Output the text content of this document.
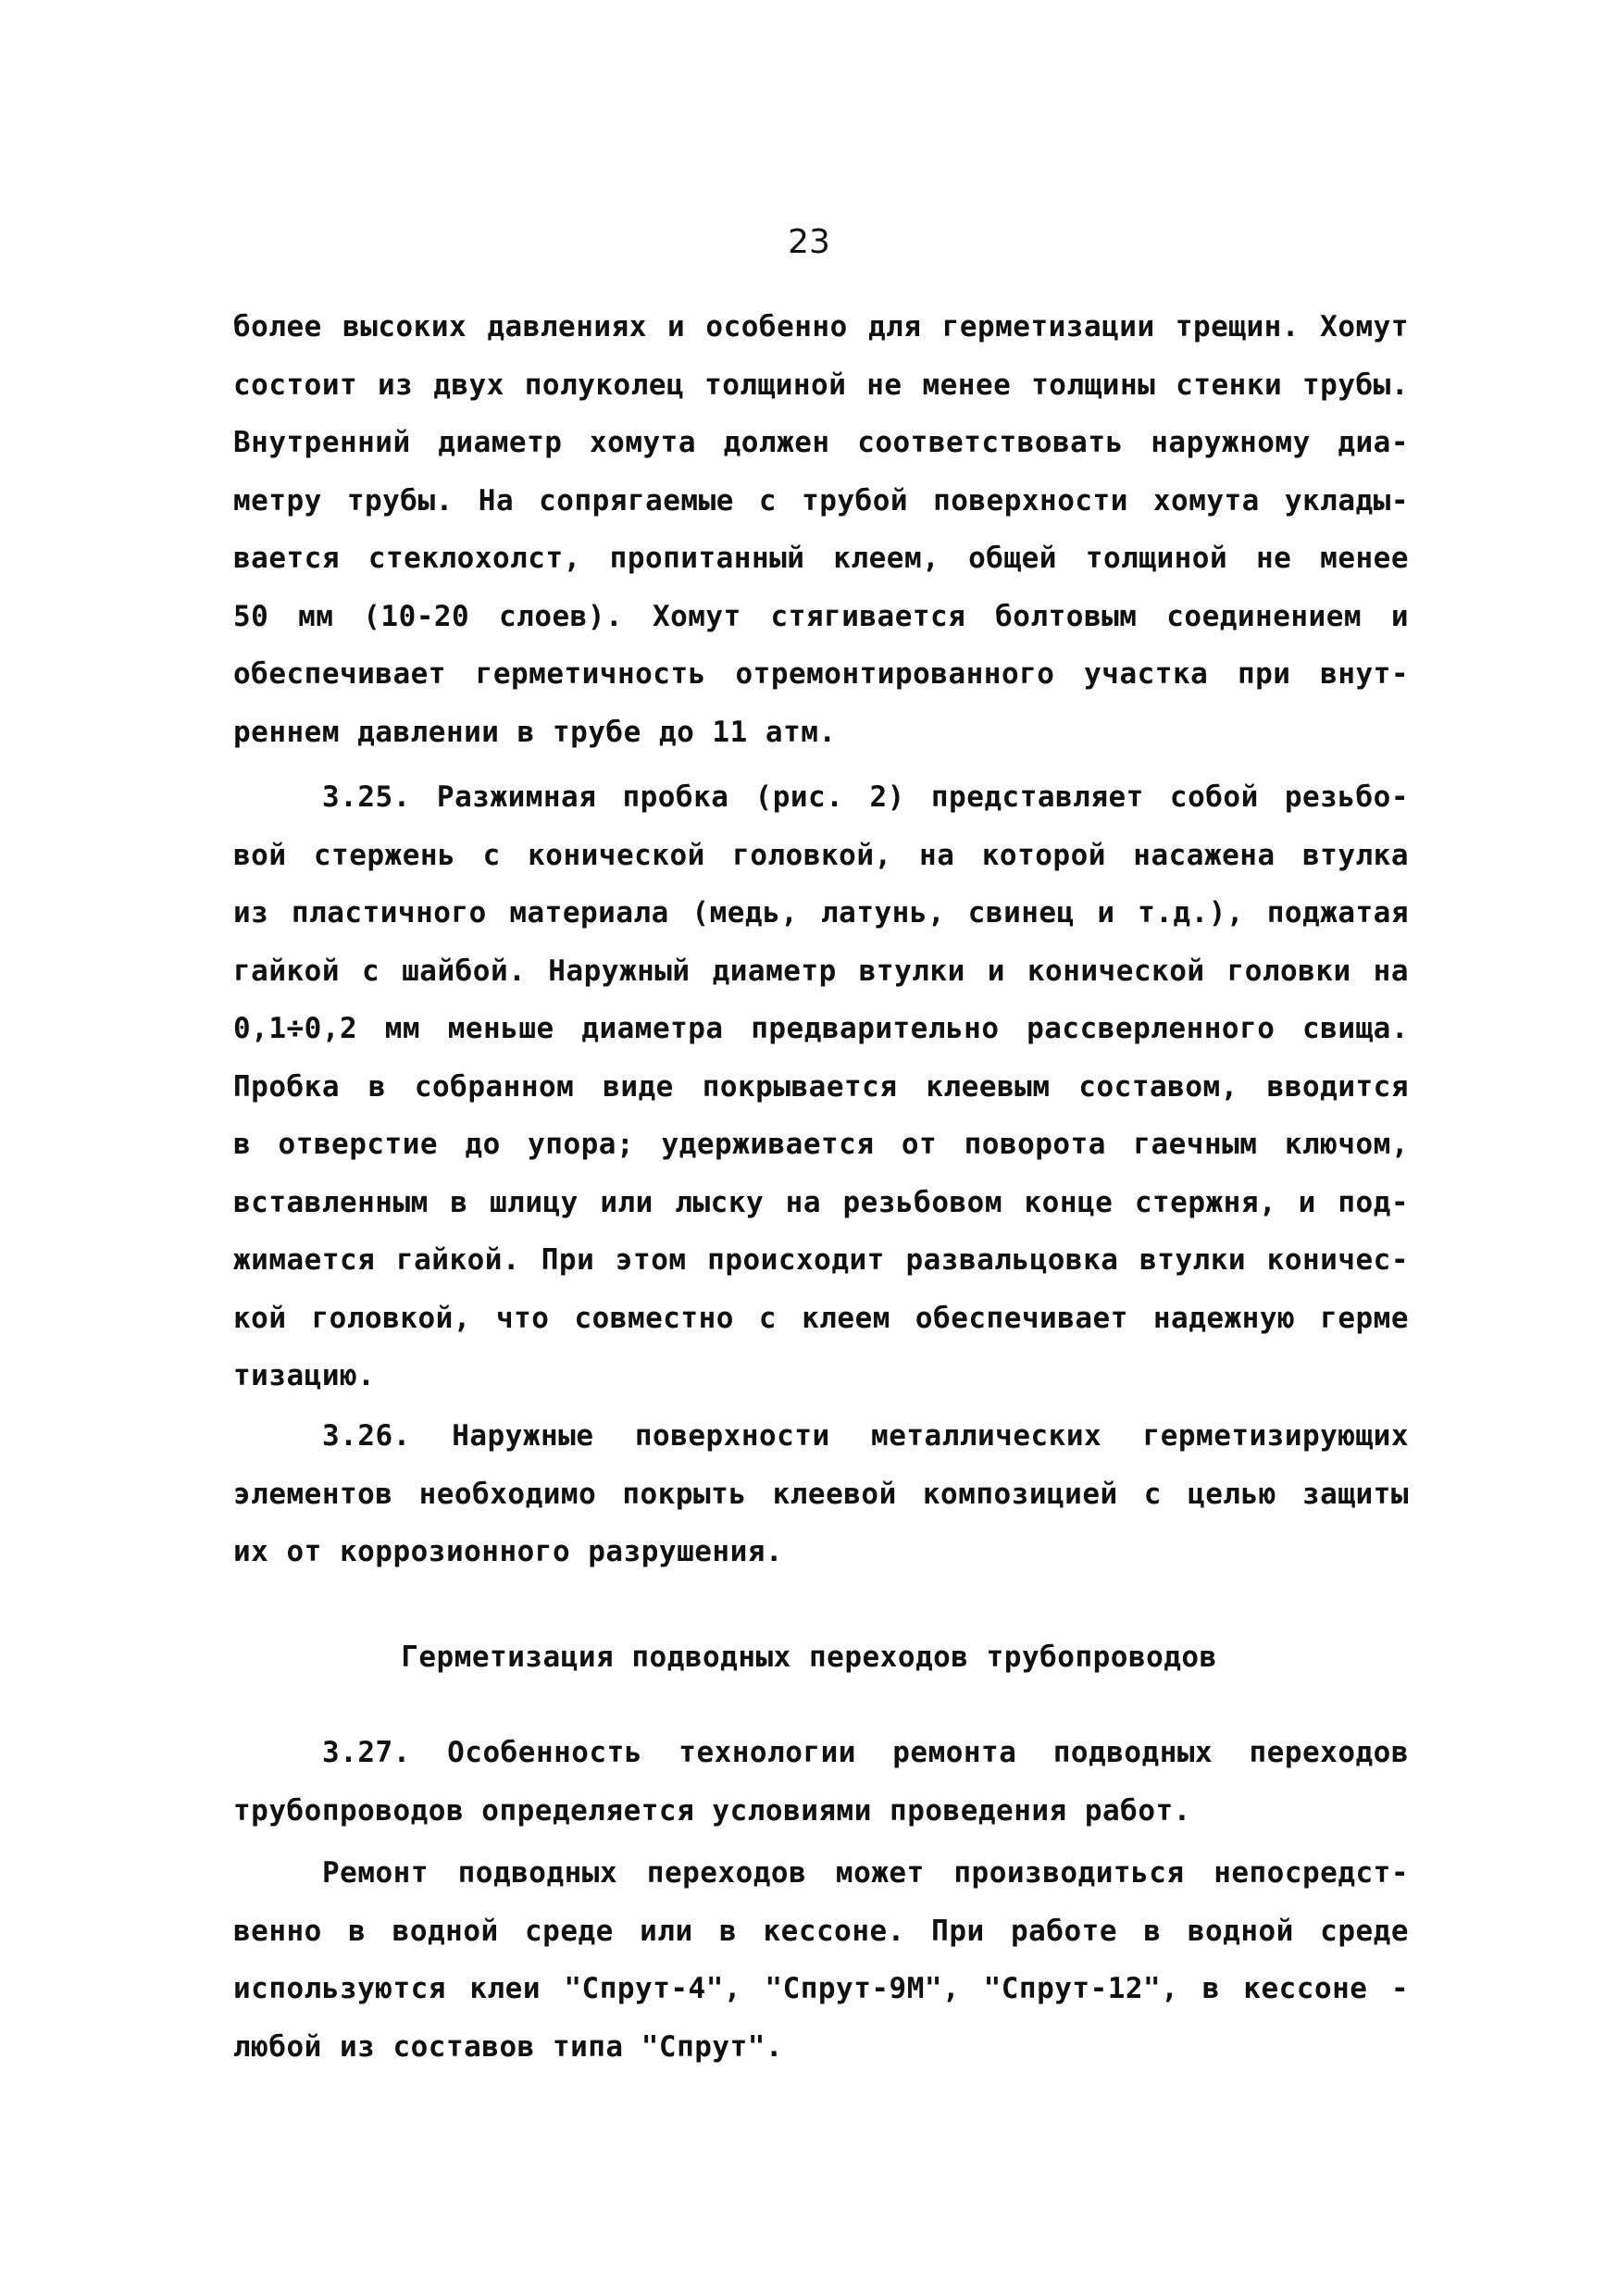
23
более высоких давлениях и особенно для герметизации трещин. Хомут
состоит из двух полуколец толщиной не менее толщины стенки трубы.
Внутренний диаметр хомута должен соответствовать наружному диа-
метру трубы. На сопрягаемые с трубой поверхности хомута уклады-
вается стеклохолст, пропитанный клеем, общей толщиной не менее
50 мм (10-20 слоев). Хомут стягивается болтовым соединением и
обеспечивает герметичность отремонтированного участка при внут-
реннем давлении в трубе до 11 атм.
3.25. Разжимная пробка (рис. 2) представляет собой резьбо-
вой стержень с конической головкой, на которой насажена втулка
из пластичного материала (медь, латунь, свинец и т.д.), поджатая
гайкой с шайбой. Наружный диаметр втулки и конической головки на
0,1÷0,2 мм меньше диаметра предварительно рассверленного свища.
Пробка в собранном виде покрывается клеевым составом, вводится
в отверстие до упора; удерживается от поворота гаечным ключом,
вставленным в шлицу или лыску на резьбовом конце стержня, и под-
жимается гайкой. При этом происходит развальцовка втулки коничес-
кой головкой, что совместно с клеем обеспечивает надежную герме
тизацию.
3.26. Наружные поверхности металлических герметизирующих
элементов необходимо покрыть клеевой композицией с целью защиты
их от коррозионного разрушения.
Герметизация подводных переходов трубопроводов
3.27. Особенность технологии ремонта подводных переходов
трубопроводов определяется условиями проведения работ.
Ремонт подводных переходов может производиться непосредст-
венно в водной среде или в кессоне. При работе в водной среде
используются клеи "Спрут-4", "Спрут-9М", "Спрут-12", в кессоне -
любой из составов типа "Спрут".
